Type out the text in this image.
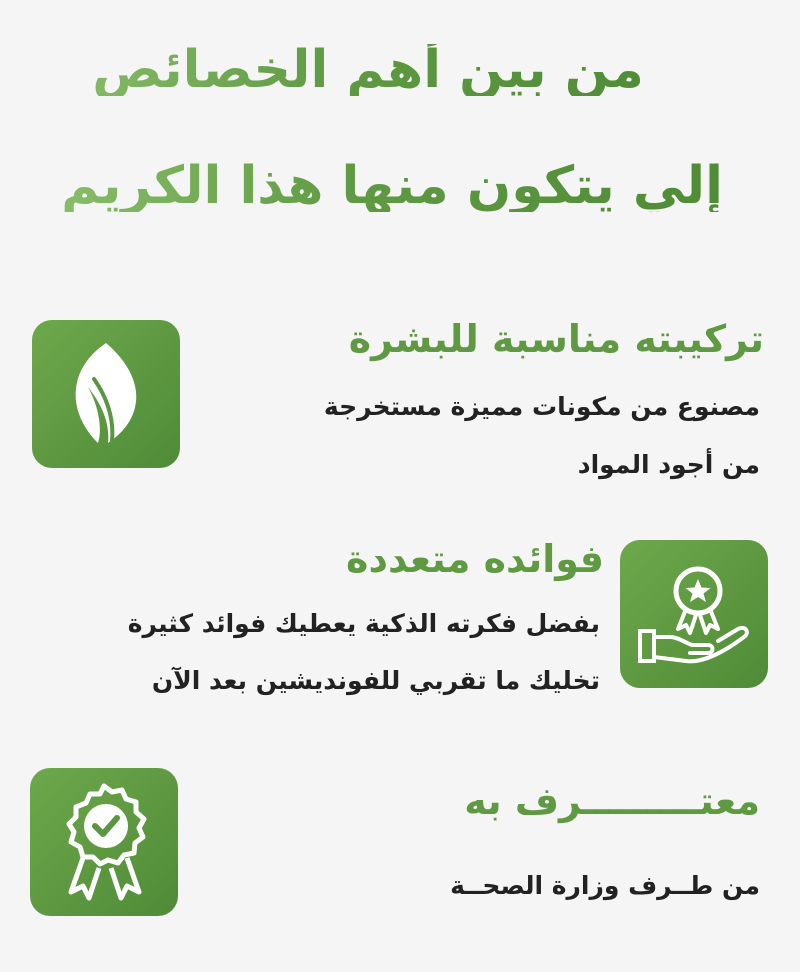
من بين أهم الخصائص
إلي يتكون منها هذا الكريم
تركيبته مناسبة للبشرة
مصنوع من مكونات مميزة مستخرجة
من أجود المواد
فوائده متعددة
بفضل فكرته الذكية يعطيك فوائد كثيرة
تخليك ما تقربي للفونديشين بعد الآن
معتـــــــــرف به
من طــرف وزارة الصحــة
